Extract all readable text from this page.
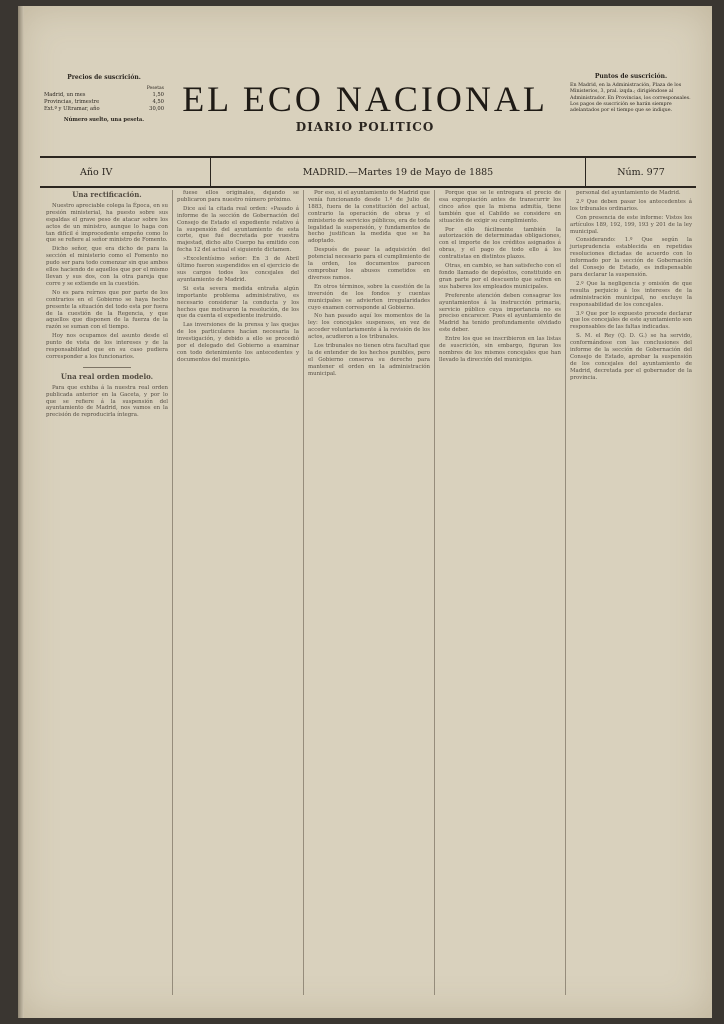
Precios de suscrición.
Pesetas
Madrid, un mes	1,50
Provincias, trimestre	4,50
Ext.º y Ultramar, año	30,00
Número suelto, una peseta.
Puntos de suscrición.
En Madrid, en la Administración, Plaza de los Ministerios, 3, pral. izqda.; dirigiéndose al Administrador. En Provincias, los corresponsales. Los pagos de suscrición se harán siempre adelantados por el tiempo que se indique.
EL ECO NACIONAL
DIARIO POLITICO
Año IV	MADRID.—Martes 19 de Mayo de 1885	Núm. 977
Una rectificación.

Nuestro apreciable colega la Época, en su presión ministerial, ha puesto sobre sus espaldas el grave peso de atacar sobre los actos de un ministro, aunque lo haga con tan difícil é improcedente empeño como lo que se refiere al señor ministro de Fomento.

Dicho señor, que era dicho de para la sección el ministerio como el Fomento no pudo ser para todo comenzar sin que ambos ellos haciendo de aquellos que por el mismo llevan y sus dos, con la otra pareja que corre y se extiende en la cuestión.

No es para reírnos que por parte de los contrarios en el Gobierno se haya hecho presente la situación del todo esta por fuera de la cuestión de la Regencia, y que aquellos que disponen de la fuerza de la razón se suman con el tiempo.

Hoy nos ocupamos del asunto desde el punto de vista de los intereses y de la responsabilidad que en su caso pudiera corresponder a los funcionarios.

Una real orden modelo.

Para que exhiba á la nuestra real orden publicada anterior en la Gaceta, y por lo que se refiere á la suspensión del ayuntamiento de Madrid, nos vamos en la precisión de reproducirla íntegra.

fuese ellos originales, dejando se publicaron para nuestro número próximo.

Dice así la citada real orden: «Pasado á informe de la sección de Gobernación del Consejo de Estado el expediente relativo á la suspensión del ayuntamiento de esta corte, que fué decretada por vuestra majestad, dicho alto Cuerpo ha emitido con fecha 12 del actual el siguiente dictamen.

»Excelentísimo señor: En 3 de Abril último fueron suspendidos en el ejercicio de sus cargos todos los concejales del ayuntamiento de Madrid.

Si esta severa medida entraña algún importante problema administrativo, es necesario considerar la conducta y los hechos que motivaron la resolución, de los que da cuenta el expediente instruido.

Las inversiones de la prensa y las quejas de los particulares hacían necesaria la investigación, y debido a ello se procedió por el delegado del Gobierno a examinar con todo detenimiento los antecedentes y documentos del municipio.

Por eso, si el ayuntamiento de Madrid que venía funcionando desde 1.º de Julio de 1883, fuera de la constitución del actual, contrario la operación de obras y el ministerio de servicios públicos, era de toda legalidad la suspensión, y fundamentos de hecho justifican la medida que se ha adoptado.

Después de pasar la adquisición del potencial necesario para el cumplimiento de la orden, los documentos parecen comprobar los abusos cometidos en diversos ramos.

En otros términos, sobre la cuestión de la inversión de los fondos y cuentas municipales se advierten irregularidades cuyo examen corresponde al Gobierno.

No han pasado aquí los momentos de la ley: los concejales suspensos, en vez de acceder voluntariamente á la revisión de los actos, acudieron a los tribunales.

Los tribunales no tienen otra facultad que la de entender de los hechos punibles, pero el Gobierno conserva su derecho para mantener el orden en la administración municipal.

Porque que se le entregara el precio de esa expropiación antes de transcurrir los cinco años que la misma admitía, tiene también que el Cabildo se considere en situación de exigir su cumplimiento.

Por ello fácilmente también la autorización de determinadas obligaciones, con el importe de los créditos asignados á obras, y el pago de todo ello á los contratistas en distintos plazos.

Otras, en cambio, se han satisfecho con el fondo llamado de depósitos, constituido en gran parte por el descuento que sufren en sus haberes los empleados municipales.

Preferente atención deben consagrar los ayuntamientos á la instrucción primaria, servicio público cuya importancia no es preciso encarecer. Pues el ayuntamiento de Madrid ha tenido profundamente olvidado este deber.

Entre los que se inscribieron en las listas de suscrición, sin embargo, figuran los nombres de los mismos concejales que han llevado la dirección del municipio.

personal del ayuntamiento de Madrid.

2.º Que deben pasar los antecedentes á los tribunales ordinarios.

Con presencia de este informe: Vistos los artículos 189, 192, 199, 193 y 201 de la ley municipal.

Considerando: 1.º Que según la jurisprudencia establecida en repetidas resoluciones dictadas de acuerdo con lo informado por la sección de Gobernación del Consejo de Estado, es indispensable para declarar la suspensión.

2.º Que la negligencia y omisión de que resulta perjuicio á los intereses de la administración municipal, no excluye la responsabilidad de los concejales.

3.º Que por lo expuesto procede declarar que los concejales de este ayuntamiento son responsables de las faltas indicadas.

S. M. el Rey (Q. D. G.) se ha servido, conformándose con las conclusiones del informe de la sección de Gobernación del Consejo de Estado, aprobar la suspensión de los concejales del ayuntamiento de Madrid, decretada por el gobernador de la provincia.
